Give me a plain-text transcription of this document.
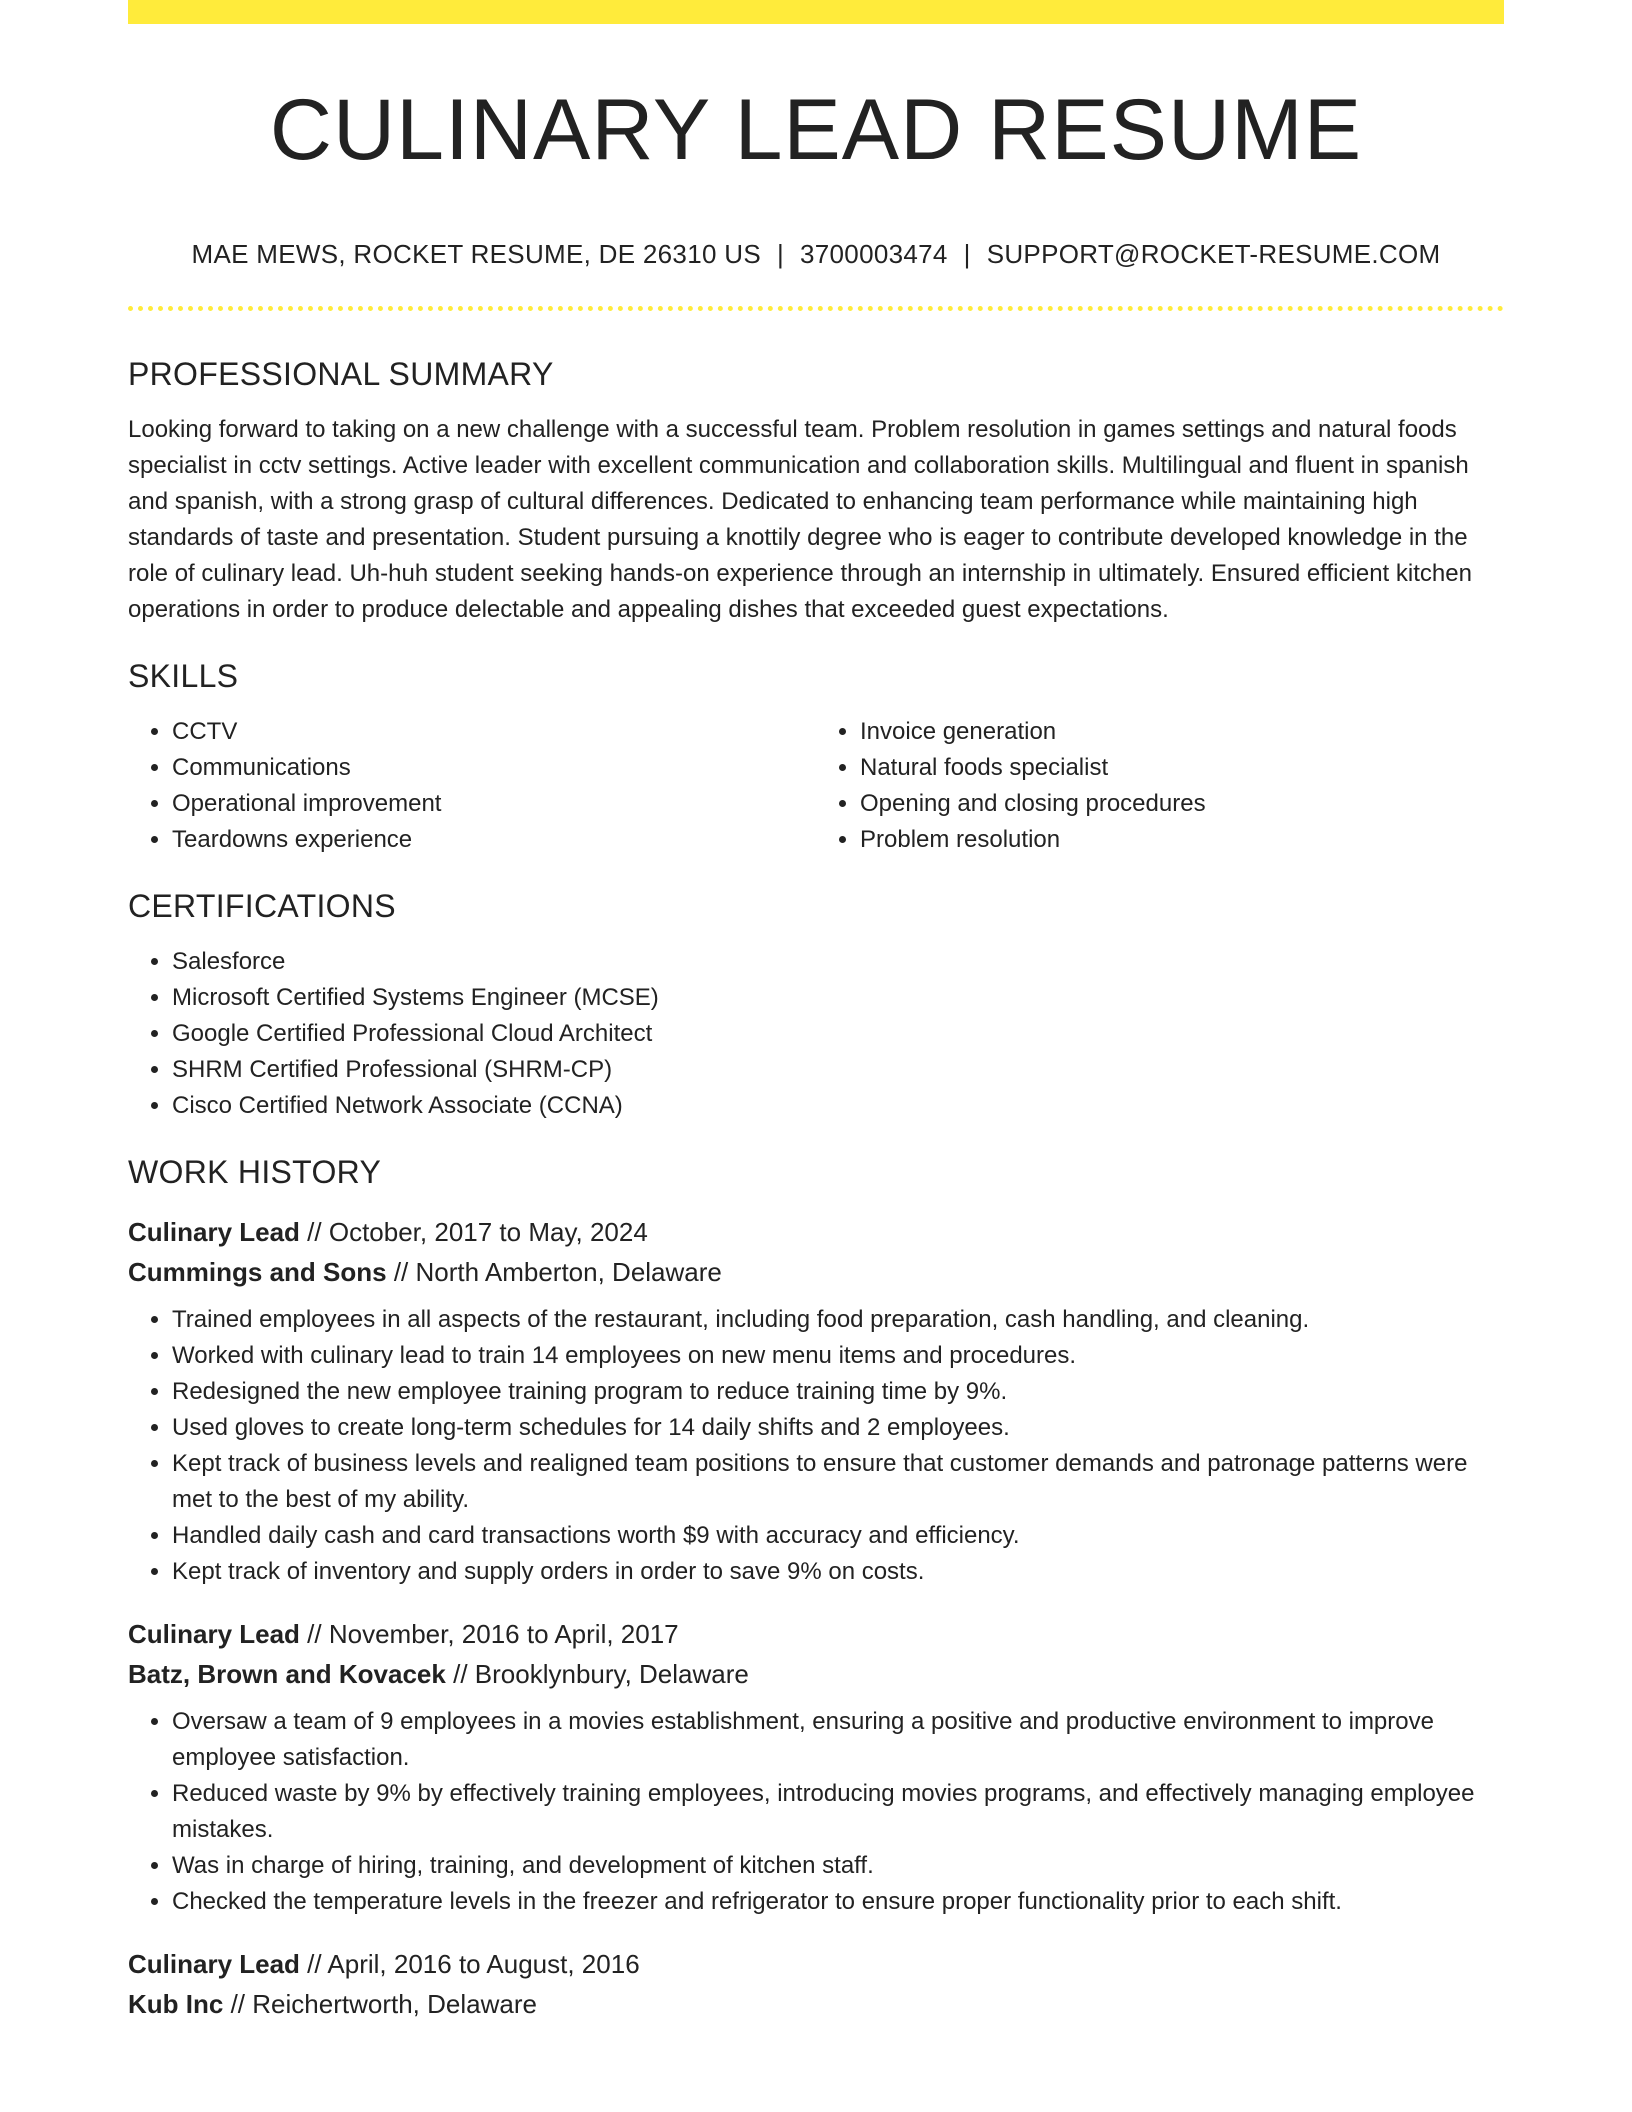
CULINARY LEAD RESUME
MAE MEWS, ROCKET RESUME, DE 26310 US | 3700003474 | SUPPORT@ROCKET-RESUME.COM
PROFESSIONAL SUMMARY

Looking forward to taking on a new challenge with a successful team. Problem resolution in games settings and natural foods specialist in cctv settings. Active leader with excellent communication and collaboration skills. Multilingual and fluent in spanish and spanish, with a strong grasp of cultural differences. Dedicated to enhancing team performance while maintaining high standards of taste and presentation. Student pursuing a knottily degree who is eager to contribute developed knowledge in the role of culinary lead. Uh-huh student seeking hands-on experience through an internship in ultimately. Ensured efficient kitchen operations in order to produce delectable and appealing dishes that exceeded guest expectations.

SKILLS
• CCTV
• Communications
• Operational improvement
• Teardowns experience
• Invoice generation
• Natural foods specialist
• Opening and closing procedures
• Problem resolution
CERTIFICATIONS
• Salesforce
• Microsoft Certified Systems Engineer (MCSE)
• Google Certified Professional Cloud Architect
• SHRM Certified Professional (SHRM-CP)
• Cisco Certified Network Associate (CCNA)
WORK HISTORY
Culinary Lead // October, 2017 to May, 2024
Cummings and Sons // North Amberton, Delaware
• Trained employees in all aspects of the restaurant, including food preparation, cash handling, and cleaning.
• Worked with culinary lead to train 14 employees on new menu items and procedures.
• Redesigned the new employee training program to reduce training time by 9%.
• Used gloves to create long-term schedules for 14 daily shifts and 2 employees.
• Kept track of business levels and realigned team positions to ensure that customer demands and patronage patterns were met to the best of my ability.
• Handled daily cash and card transactions worth $9 with accuracy and efficiency.
• Kept track of inventory and supply orders in order to save 9% on costs.
Culinary Lead // November, 2016 to April, 2017
Batz, Brown and Kovacek // Brooklynbury, Delaware
• Oversaw a team of 9 employees in a movies establishment, ensuring a positive and productive environment to improve employee satisfaction.
• Reduced waste by 9% by effectively training employees, introducing movies programs, and effectively managing employee mistakes.
• Was in charge of hiring, training, and development of kitchen staff.
• Checked the temperature levels in the freezer and refrigerator to ensure proper functionality prior to each shift.
Culinary Lead // April, 2016 to August, 2016
Kub Inc // Reichertworth, Delaware
